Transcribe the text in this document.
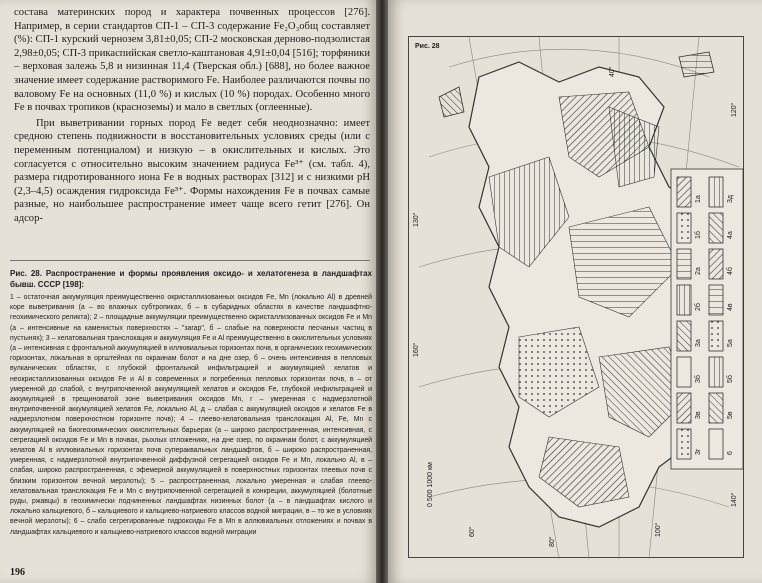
состава материнских пород и характера почвенных процессов [276]. Например, в серии стандартов СП-1 – СП-3 содержание Fe₂O₃общ составляет (%): СП-1 курский чернозем 3,81±0,05; СП-2 московская дерново-подзолистая 2,98±0,05; СП-3 прикаспийская светло-каштановая 4,91±0,04 [516]; торфяники – верховая залежь 5,8 и низинная 11,4 (Тверская обл.) [688], но более важное значение имеет содержание растворимого Fe. Наиболее различаются почвы по валовому Fe на основных (11,0 %) и кислых (10 %) породах. Особенно много Fe в почвах тропиков (красноземы) и мало в светлых (оглеенные).

При выветривании горных пород Fe ведет себя неоднозначно: имеет средною степень подвижности в восстановительных условиях среды (или с переменным потенциалом) и низкую – в окислительных и кислых. Это согласуется с относительно высоким значением радиуса Fe³⁺ (см. табл. 4), размера гидротированного иона Fe в водных растворах [312] и с низкими pH (2,3–4,5) осаждения гидроксида Fe³⁺. Формы нахождения Fe в почвах самые разные, но наибольшее распространение имеет чаще всего гетит [276]. Он адсор-

Рис. 28. Распространение и формы проявления оксидо- и хелатогенеза в ландшафтах бывш. СССР [198]:
1 – остаточная аккумуляция преимущественно окристаллизованных оксидов Fe, Mn (локально Al) в древней коре выветривания (а – во влажных субтропиках, б – в субаридных областях в качестве ландшафтно-геохимического реликта); 2 – площадные аккумуляции преимущественно окристаллизованных оксидов Fe и Mn (а – интенсивные на каменистых поверхностях – "загар", б – слабые на поверхности песчаных частиц в пустынях); 3 – хелатовальная транслокация и аккумуляция Fe и Al преимущественно в окислительных условиях (а – интенсивная с фронтальной аккумуляцией в иллювиальных горизонтах почв, в органических геохимических горизонтах, локальная в оргштейнах по окраинам болот и на дне озер, б – очень интенсивная в пепловых вулканических областях, с глубокой фронтальной инфильтрацией и аккумуляцией хелатов и неокристаллизованных оксидов Fe и Al в современных и погребенных пепловых горизонтах почв, в – от умеренной до слабой, с внутрипочвенной аккумуляцией хелатов и оксидов Fe, глубокой инфильтрацией и аккумуляцией в трещиноватой зоне выветривания оксидов Mn, г – умеренная с надмерзлотной внутрипочвенной аккумуляцией хелатов Fe, локально Al, д – слабая с аккумуляцией оксидов и хелатов Fe в надмерзлотном поверхностном горизонте почв); 4 – глеево-хелатовальная транслокация Al, Fe, Mn с аккумуляцией на биогеохимических окислительных барьерах (а – широко распространенная, интенсивная, с сегрегацией оксидов Fe и Mn в почвах, рыхлых отложениях, на дне озер, по окраинам болот, с аккумуляцией хелатов Al в иллювиальных горизонтах почв супераквальных ландшафтов, б – широко распространенная, умеренная, с надмерзлотной внутрипочвенной диффузной сегрегацией оксидов Fe и Mn, локально Al, в – слабая, широко распространенная, с эфемерной аккумуляцией в поверхностных горизонтах глеевых почв с близким горизонтом вечной мерзлоты); 5 – распространенная, локально умеренная и слабая глеево-хелатовальная транслокация Fe и Mn с внутрипочвенной сегрегацией в конкреции, аккумуляцией (болотные руды, ржавцы) в геохимически подчиненных ландшафтах низинных болот (а – в ландшафтах кислого и локально кальциевого, б – кальциевого и кальциево-натриевого классов водной миграции, в – то же в условиях вечной мерзлоты); 6 – слабо сегрегированные гидроксиды Fe в Mn в аллювиальных отложениях и почвах в ландшафтах кальциевого и кальциево-натриевого классов водной миграции
196
1а
1б
2а
2б
3а
3б
3в
3г
3д
4а
4б
4в
5а
5б
5в
6
130°
160°
120°
140°
100°
40°
80°
60°
0 500 1000 км
Рис. 28
